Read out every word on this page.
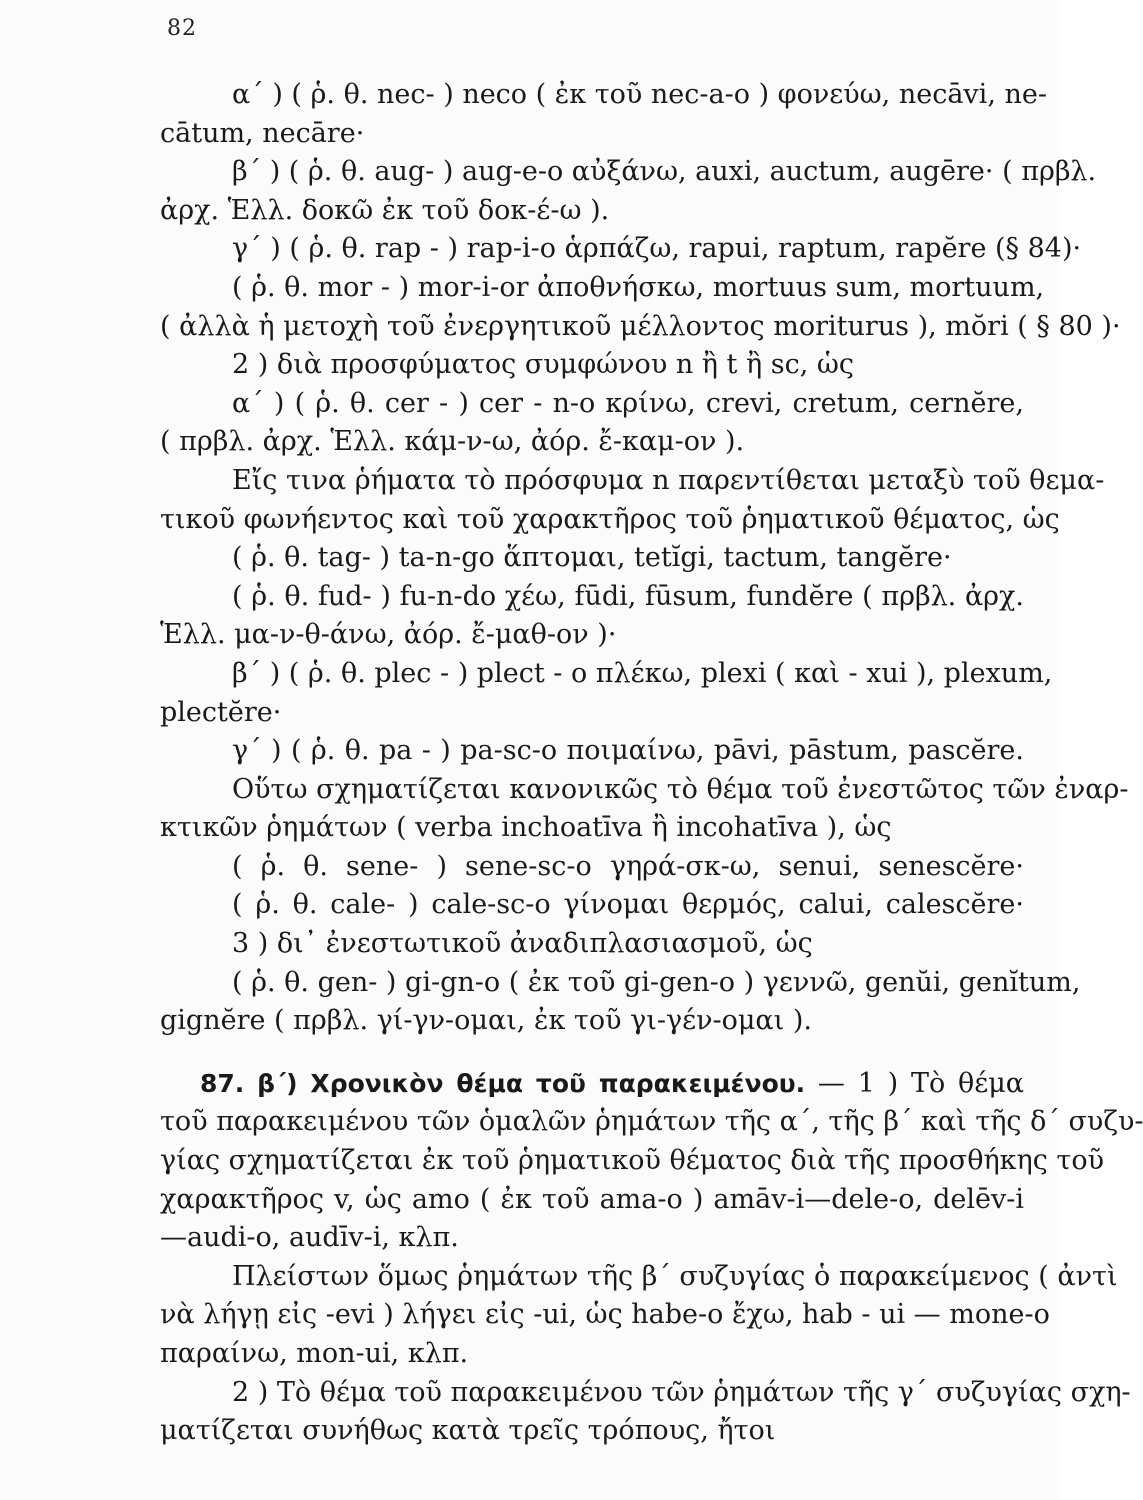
82
α΄ ) ( ῥ. θ. nec- ) neco ( ἐκ τοῦ nec-a-o ) φονεύω, necāvi, ne-
cātum, necāre·
β΄ ) ( ῥ. θ. aug- ) aug-e-o αὐξάνω, auxi, auctum, augēre· ( πρβλ.
ἀρχ. Ἑλλ. δοκῶ ἐκ τοῦ δοκ-έ-ω ).
γ΄ ) ( ῥ. θ. rap - ) rap-i-o ἁρπάζω, rapui, raptum, rapĕre (§ 84)·
( ῥ. θ. mor - ) mor-i-or ἀποθνήσκω, mortuus sum, mortuum,
( ἀλλὰ ἡ μετοχὴ τοῦ ἐνεργητικοῦ μέλλοντος moriturus ), mŏri ( § 80 )·
2 ) διὰ προσφύματος συμφώνου n ἢ t ἢ sc, ὡς
α΄ ) ( ῥ. θ. cer - ) cer - n-o κρίνω, crevi, cretum, cernĕre,
( πρβλ. ἀρχ. Ἑλλ. κάμ-ν-ω, ἀόρ. ἔ-καμ-ον ).
Εἴς τινα ῥήματα τὸ πρόσφυμα n παρεντίθεται μεταξὺ τοῦ θεμα-
τικοῦ φωνήεντος καὶ τοῦ χαρακτῆρος τοῦ ῥηματικοῦ θέματος, ὡς
( ῥ. θ. tag- ) ta-n-go ἅπτομαι, tetĭgi, tactum, tangĕre·
( ῥ. θ. fud- ) fu-n-do χέω, fūdi, fūsum, fundĕre ( πρβλ. ἀρχ.
Ἑλλ. μα-ν-θ-άνω, ἀόρ. ἔ-μαθ-ον )·
β΄ ) ( ῥ. θ. plec - ) plect - o πλέκω, plexi ( καὶ - xui ), plexum,
plectĕre·
γ΄ ) ( ῥ. θ. pa - ) pa-sc-o ποιμαίνω, pāvi, pāstum, pascĕre.
Οὕτω σχηματίζεται κανονικῶς τὸ θέμα τοῦ ἐνεστῶτος τῶν ἐναρ-
κτικῶν ῥημάτων ( verba inchoatīva ἢ incohatīva ), ὡς
( ῥ. θ. sene- ) sene-sc-o γηρά-σκ-ω, senui, senescĕre·
( ῥ. θ. cale- ) cale-sc-o γίνομαι θερμός, calui, calescĕre·
3 ) δι᾿ ἐνεστωτικοῦ ἀναδιπλασιασμοῦ, ὡς
( ῥ. θ. gen- ) gi-gn-o ( ἐκ τοῦ gi-gen-o ) γεννῶ, genŭi, genĭtum,
gignĕre ( πρβλ. γί-γν-ομαι, ἐκ τοῦ γι-γέν-ομαι ).
87. β΄) Χρονικὸν θέμα τοῦ παρακειμένου. — 1 ) Τὸ θέμα
τοῦ παρακειμένου τῶν ὁμαλῶν ῥημάτων τῆς α΄, τῆς β΄ καὶ τῆς δ΄ συζυ-
γίας σχηματίζεται ἐκ τοῦ ῥηματικοῦ θέματος διὰ τῆς προσθήκης τοῦ
χαρακτῆρος v, ὡς amo ( ἐκ τοῦ ama-o ) amāv-i—dele-o, delēv-i
—audi-o, audīv-i, κλπ.
Πλείστων ὅμως ῥημάτων τῆς β΄ συζυγίας ὁ παρακείμενος ( ἀντὶ
νὰ λήγῃ εἰς -evi ) λήγει εἰς -ui, ὡς habe-o ἔχω, hab - ui — mone-o
παραίνω, mon-ui, κλπ.
2 ) Τὸ θέμα τοῦ παρακειμένου τῶν ῥημάτων τῆς γ΄ συζυγίας σχη-
ματίζεται συνήθως κατὰ τρεῖς τρόπους, ἤτοι
